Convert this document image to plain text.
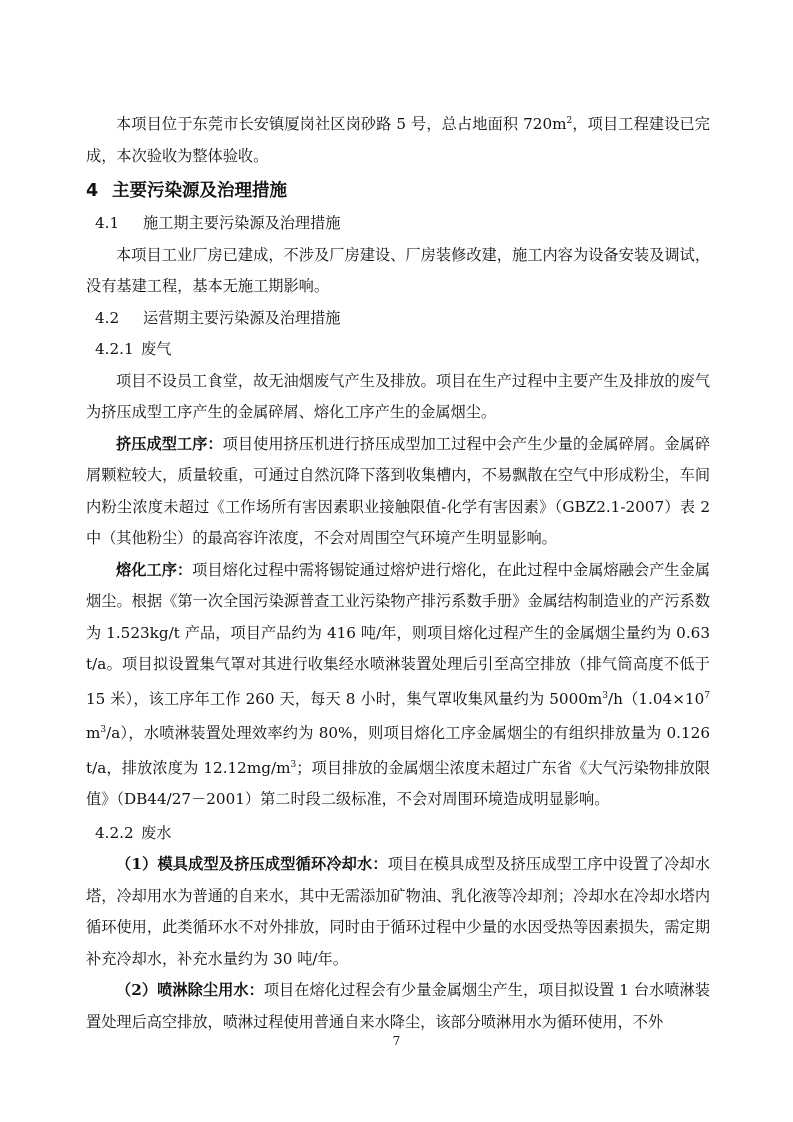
本项目位于东莞市长安镇厦岗社区岗砂路 5 号，总占地面积 $720m^2$，项目工程建设已完成，本次验收为整体验收。

4 主要污染源及治理措施

4.1 施工期主要污染源及治理措施

本项目工业厂房已建成，不涉及厂房建设、厂房装修改建，施工内容为设备安装及调试，没有基建工程，基本无施工期影响。

4.2 运营期主要污染源及治理措施

4.2.1 废气

项目不设员工食堂，故无油烟废气产生及排放。项目在生产过程中主要产生及排放的废气为挤压成型工序产生的金属碎屑、熔化工序产生的金属烟尘。

挤压成型工序：项目使用挤压机进行挤压成型加工过程中会产生少量的金属碎屑。金属碎屑颗粒较大，质量较重，可通过自然沉降下落到收集槽内，不易飘散在空气中形成粉尘，车间内粉尘浓度未超过《工作场所有害因素职业接触限值-化学有害因素》（GBZ2.1-2007）表 2 中（其他粉尘）的最高容许浓度，不会对周围空气环境产生明显影响。

熔化工序：项目熔化过程中需将锡锭通过熔炉进行熔化，在此过程中金属熔融会产生金属烟尘。根据《第一次全国污染源普查工业污染物产排污系数手册》金属结构制造业的产污系数为 1.523kg/t 产品，项目产品约为 416 吨/年，则项目熔化过程产生的金属烟尘量约为 0.63t/a。项目拟设置集气罩对其进行收集经水喷淋装置处理后引至高空排放（排气筒高度不低于 15 米），该工序年工作 260 天，每天 8 小时，集气罩收集风量约为 $5000m^3/h(1.04\times 10^7m^3/a)$，水喷淋装置处理效率约为 80%，则项目熔化工序金属烟尘的有组织排放量为 0.126t/a，排放浓度为 $12.12mg/m^3$；项目排放的金属烟尘浓度未超过广东省《大气污染物排放限值》（DB44/27－2001）第二时段二级标准，不会对周围环境造成明显影响。

4.2.2 废水

（1）模具成型及挤压成型循环冷却水：项目在模具成型及挤压成型工序中设置了冷却水塔，冷却用水为普通的自来水，其中无需添加矿物油、乳化液等冷却剂；冷却水在冷却水塔内循环使用，此类循环水不对外排放，同时由于循环过程中少量的水因受热等因素损失，需定期补充冷却水，补充水量约为 30 吨/年。

（2）喷淋除尘用水：项目在熔化过程会有少量金属烟尘产生，项目拟设置 1 台水喷淋装置处理后高空排放，喷淋过程使用普通自来水降尘，该部分喷淋用水为循环使用，不外

7
